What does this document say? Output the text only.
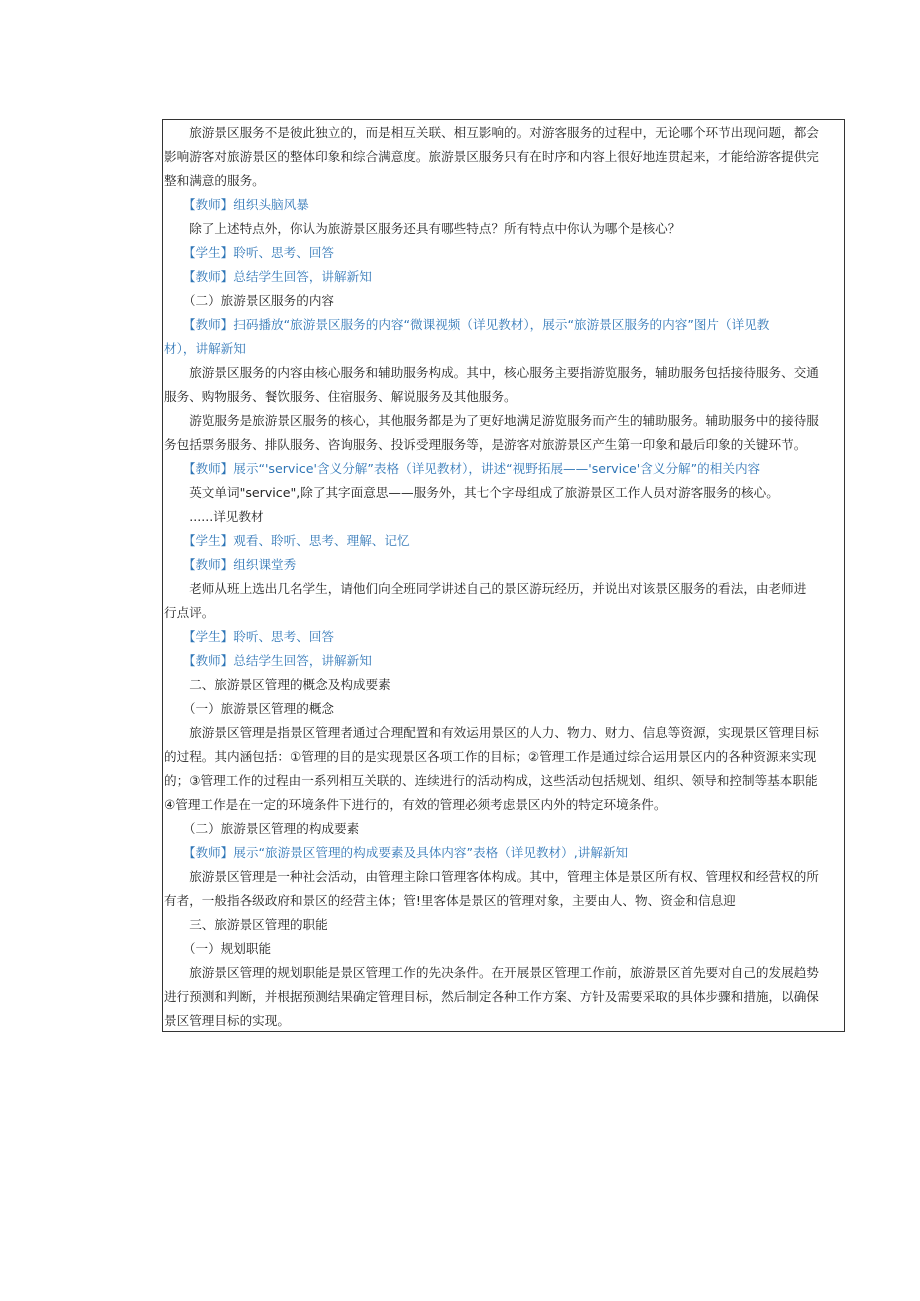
　　旅游景区服务不是彼此独立的，而是相互关联、相互影响的。对游客服务的过程中，无论哪个环节出现问题，都会
影响游客对旅游景区的整体印象和综合满意度。旅游景区服务只有在时序和内容上很好地连贯起来，才能给游客提供完
整和满意的服务。
　　【教师】组织头脑风暴
　　除了上述特点外，你认为旅游景区服务还具有哪些特点？所有特点中你认为哪个是核心？
　　【学生】聆听、思考、回答
　　【教师】总结学生回答，讲解新知
　　（二）旅游景区服务的内容
　　【教师】扫码播放“旅游景区服务的内容“微课视频（详见教材），展示“旅游景区服务的内容”图片（详见教
材），讲解新知
　　旅游景区服务的内容由核心服务和辅助服务构成。其中，核心服务主要指游览服务，辅助服务包括接待服务、交通
服务、购物服务、餐饮服务、住宿服务、解说服务及其他服务。
　　游览服务是旅游景区服务的核心，其他服务都是为了更好地满足游览服务而产生的辅助服务。辅助服务中的接待服
务包括票务服务、排队服务、咨询服务、投诉受理服务等，是游客对旅游景区产生第一印象和最后印象的关键环节。
　　【教师】展示“'service'含义分解”表格（详见教材），讲述“视野拓展——'service'含义分解”的相关内容
　　英文单词"service",除了其字面意思——服务外，其七个字母组成了旅游景区工作人员对游客服务的核心。
　　......详见教材
　　【学生】观看、聆听、思考、理解、记忆
　　【教师】组织课堂秀
　　老师从班上选出几名学生，请他们向全班同学讲述自己的景区游玩经历，并说出对该景区服务的看法，由老师进
行点评。
　　【学生】聆听、思考、回答
　　【教师】总结学生回答，讲解新知
　　二、旅游景区管理的概念及构成要素
　　（一）旅游景区管理的概念
　　旅游景区管理是指景区管理者通过合理配置和有效运用景区的人力、物力、财力、信息等资源，实现景区管理目标
的过程。其内涵包括：①管理的目的是实现景区各项工作的目标；②管理工作是通过综合运用景区内的各种资源来实现
的；③管理工作的过程由一系列相互关联的、连续进行的活动构成，这些活动包括规划、组织、领导和控制等基本职能
④管理工作是在一定的环境条件下进行的，有效的管理必须考虑景区内外的特定环境条件。
　　（二）旅游景区管理的构成要素
　　【教师】展示“旅游景区管理的构成要素及具体内容”表格（详见教材）,讲解新知
　　旅游景区管理是一种社会活动，由管理主除口管理客体构成。其中，管理主体是景区所有权、管理权和经营权的所
有者，一般指各级政府和景区的经营主体；管!里客体是景区的管理对象，主要由人、物、资金和信息迎
　　三、旅游景区管理的职能
　　（一）规划职能
　　旅游景区管理的规划职能是景区管理工作的先决条件。在开展景区管理工作前，旅游景区首先要对自己的发展趋势
进行预测和判断，并根据预测结果确定管理目标，然后制定各种工作方案、方针及需要采取的具体步骤和措施，以确保
景区管理目标的实现。
